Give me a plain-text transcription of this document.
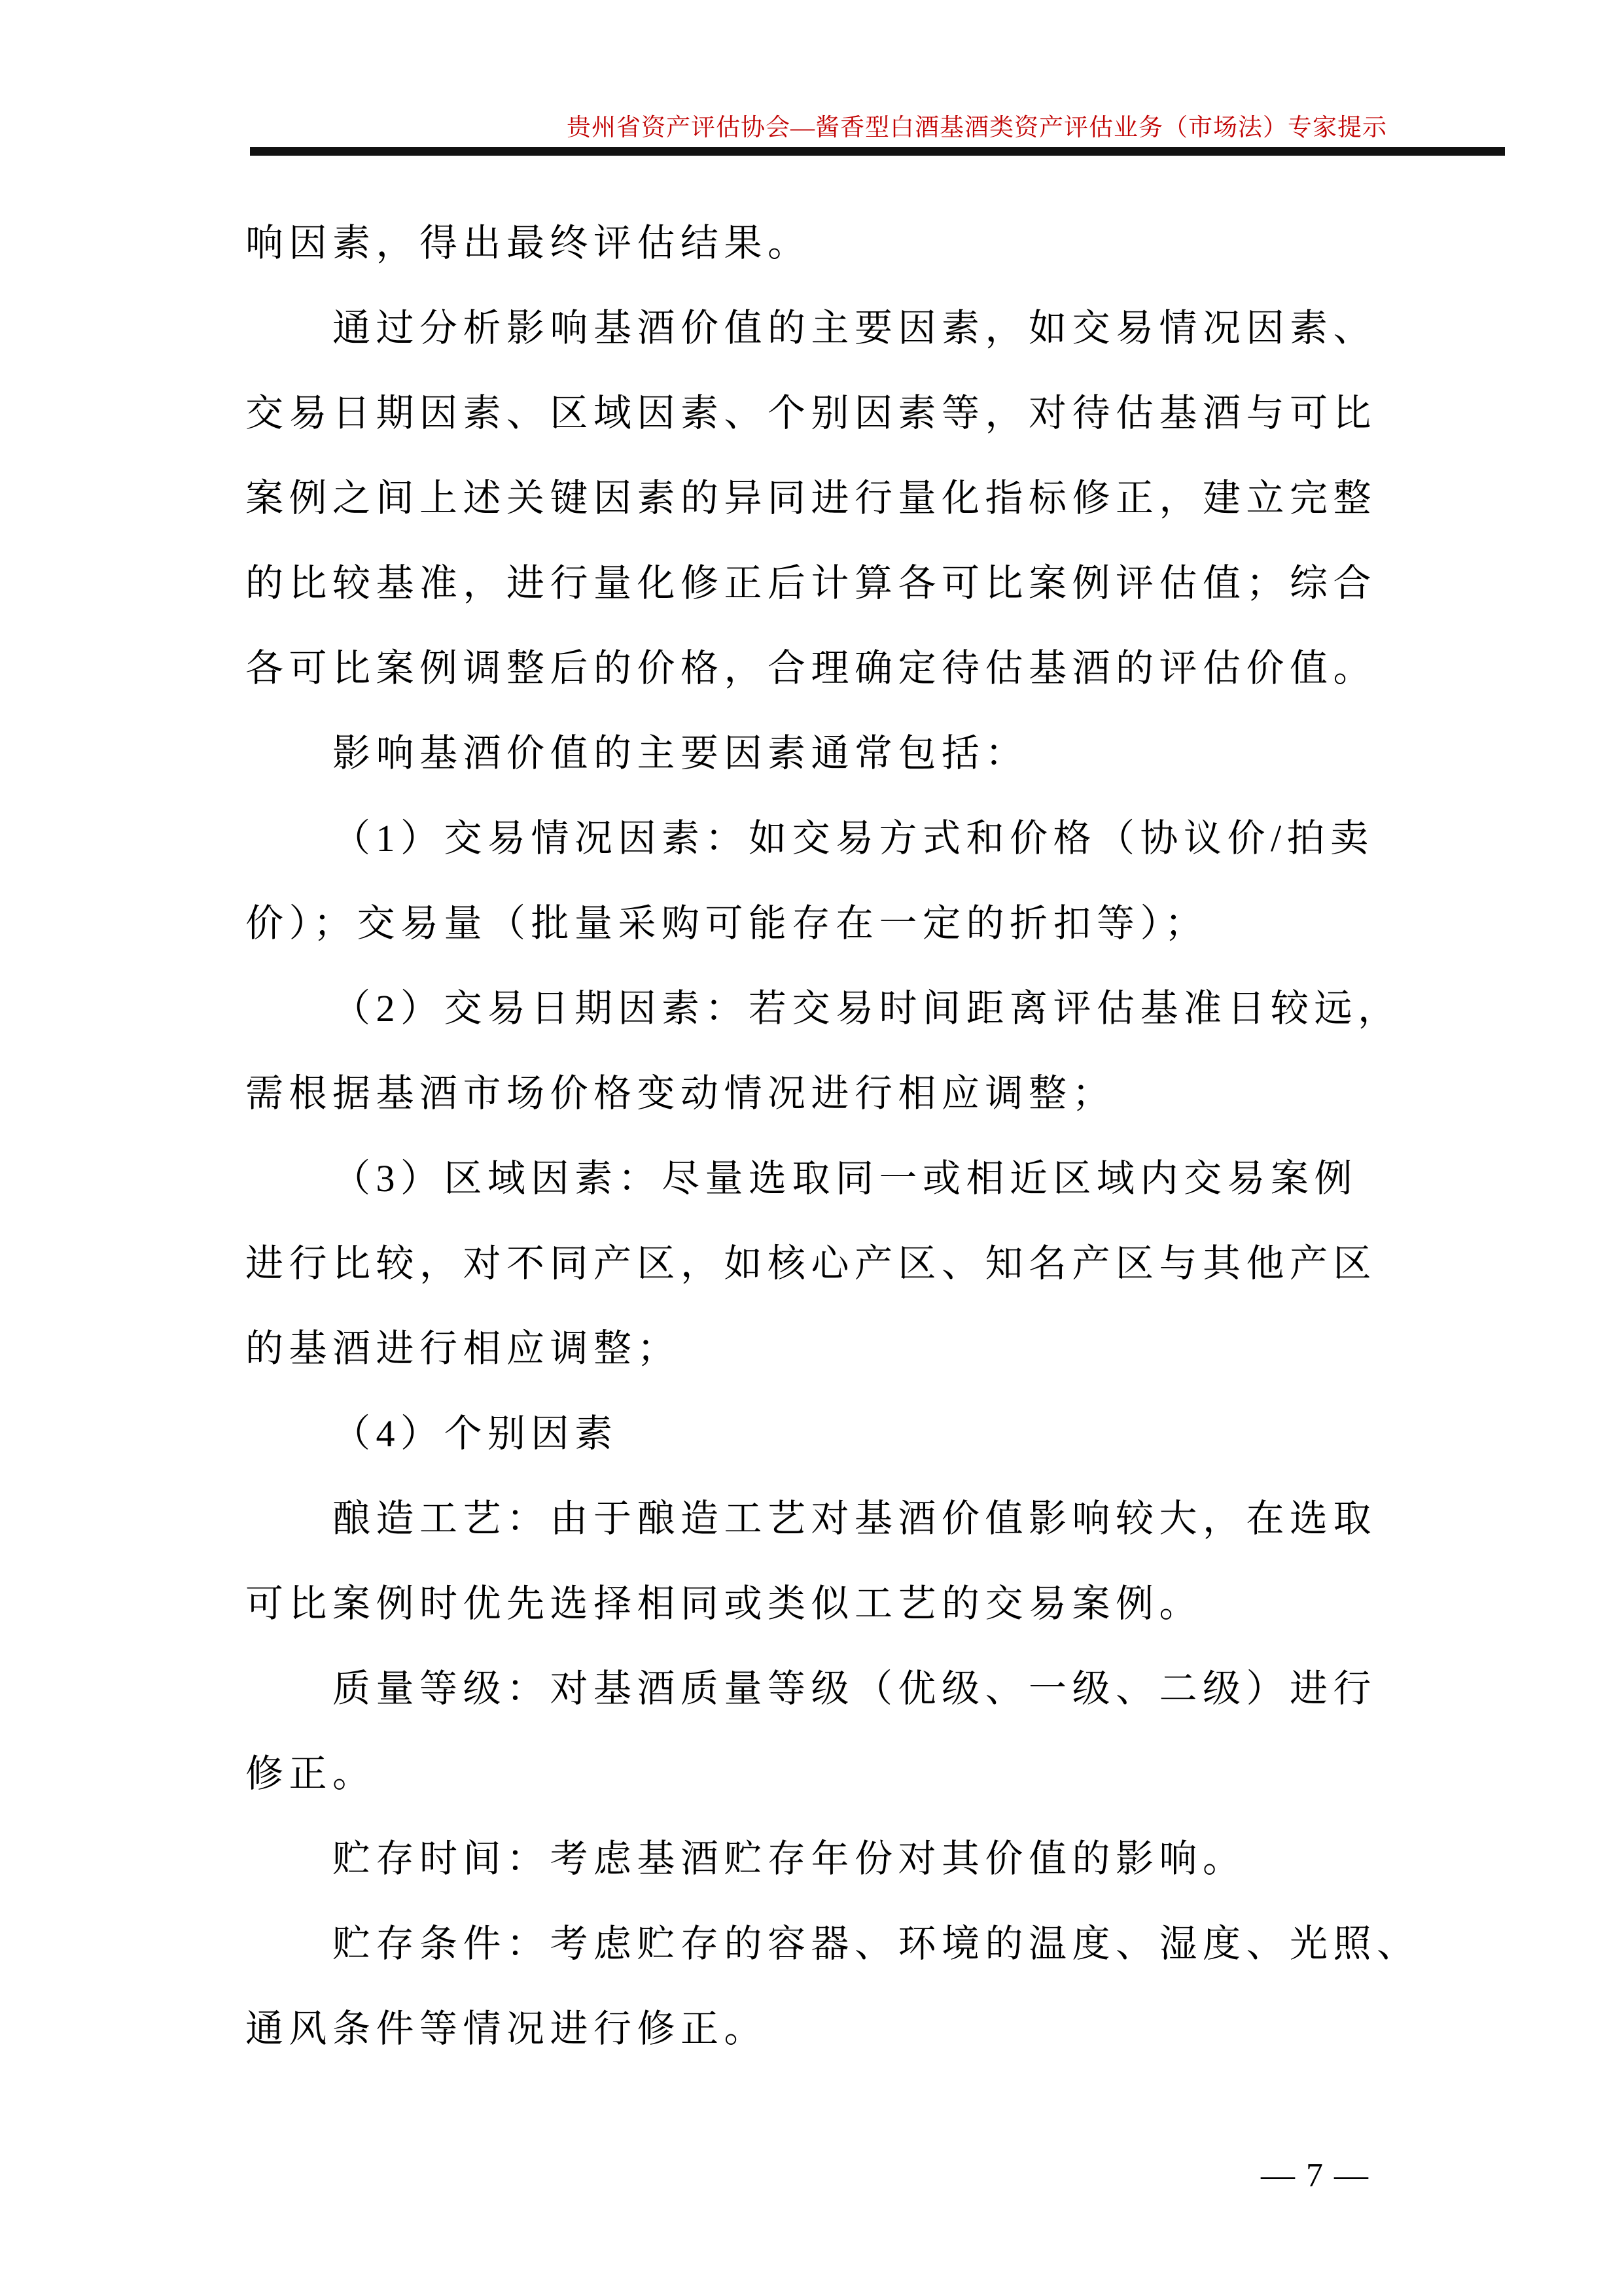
贵州省资产评估协会—酱香型白酒基酒类资产评估业务（市场法）专家提示
响因素，得出最终评估结果。
通过分析影响基酒价值的主要因素，如交易情况因素、
交易日期因素、区域因素、个别因素等，对待估基酒与可比
案例之间上述关键因素的异同进行量化指标修正，建立完整
的比较基准，进行量化修正后计算各可比案例评估值；综合
各可比案例调整后的价格，合理确定待估基酒的评估价值。
影响基酒价值的主要因素通常包括：
（1）交易情况因素：如交易方式和价格（协议价/拍卖
价）；交易量（批量采购可能存在一定的折扣等）；
（2）交易日期因素：若交易时间距离评估基准日较远，
需根据基酒市场价格变动情况进行相应调整；
（3）区域因素：尽量选取同一或相近区域内交易案例
进行比较，对不同产区，如核心产区、知名产区与其他产区
的基酒进行相应调整；
（4）个别因素
酿造工艺：由于酿造工艺对基酒价值影响较大，在选取
可比案例时优先选择相同或类似工艺的交易案例。
质量等级：对基酒质量等级（优级、一级、二级）进行
修正。
贮存时间：考虑基酒贮存年份对其价值的影响。
贮存条件：考虑贮存的容器、环境的温度、湿度、光照、
通风条件等情况进行修正。
— 7 —
